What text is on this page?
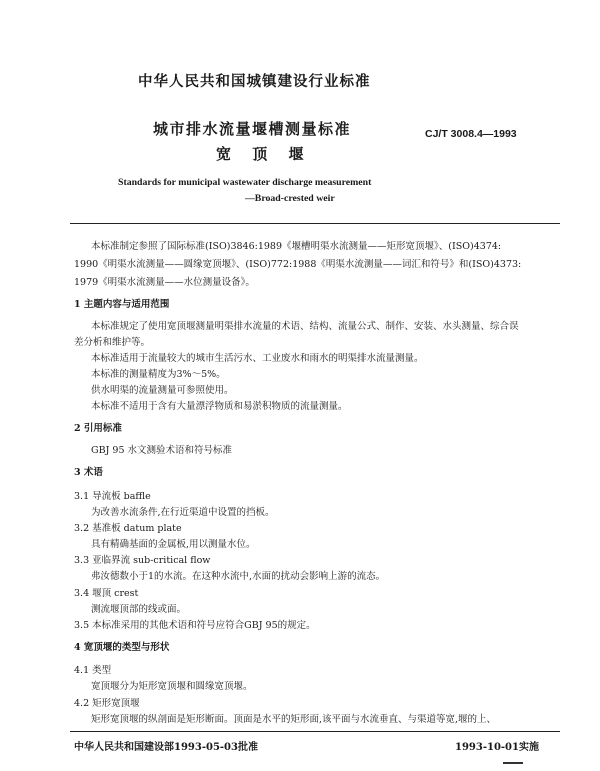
中华人民共和国城镇建设行业标准
城市排水流量堰槽测量标准
宽 顶 堰
CJ/T 3008.4—1993
Standards for municipal wastewater discharge measurement
—Broad-crested weir
本标准制定参照了国际标准(ISO)3846:1989《堰槽明渠水流测量——矩形宽顶堰》、(ISO)4374:
1990《明渠水流测量——圆缘宽顶堰》、(ISO)772:1988《明渠水流测量——词汇和符号》和(ISO)4373:
1979《明渠水流测量——水位测量设备》。
1 主题内容与适用范围
本标准规定了使用宽顶堰测量明渠排水流量的术语、结构、流量公式、制作、安装、水头测量、综合误
差分析和维护等。
本标准适用于流量较大的城市生活污水、工业废水和雨水的明渠排水流量测量。
本标准的测量精度为3%～5%。
供水明渠的流量测量可参照使用。
本标准不适用于含有大量漂浮物质和易淤积物质的流量测量。
2 引用标准
GBJ 95 水文测验术语和符号标准
3 术语
3.1 导流板 baffle
为改善水流条件,在行近渠道中设置的挡板。
3.2 基准板 datum plate
具有精确基面的金属板,用以测量水位。
3.3 亚临界流 sub-critical flow
弗汝德数小于1的水流。在这种水流中,水面的扰动会影响上游的流态。
3.4 堰顶 crest
测流堰顶部的线或面。
3.5 本标准采用的其他术语和符号应符合GBJ 95的规定。
4 宽顶堰的类型与形状
4.1 类型
宽顶堰分为矩形宽顶堰和圆缘宽顶堰。
4.2 矩形宽顶堰
矩形宽顶堰的纵剖面是矩形断面。顶面是水平的矩形面,该平面与水流垂直、与渠道等宽,堰的上、
中华人民共和国建设部1993-05-03批准	1993-10-01实施
